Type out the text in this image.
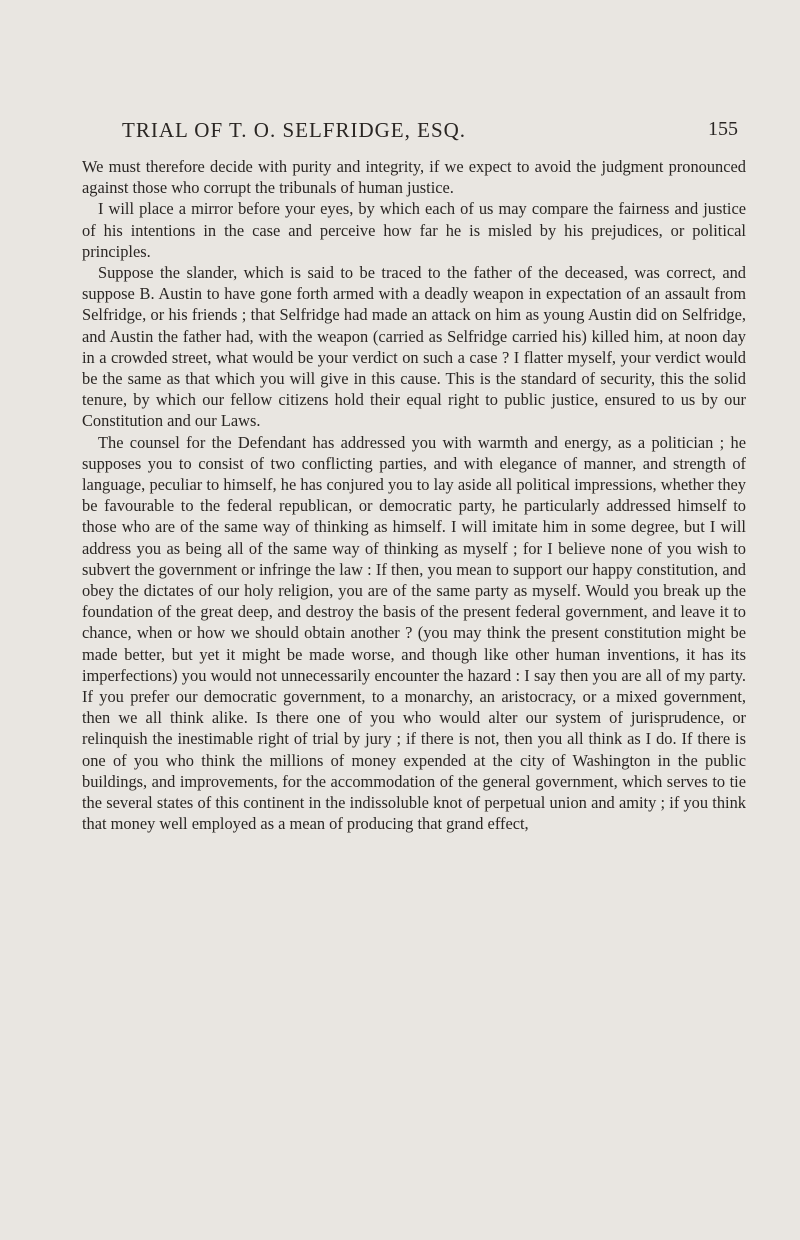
TRIAL OF T. O. SELFRIDGE, ESQ.	155

We must therefore decide with purity and integrity, if we expect to avoid the judgment pronounced against those who corrupt the tribunals of human justice.

I will place a mirror before your eyes, by which each of us may compare the fairness and justice of his intentions in the case and perceive how far he is misled by his prejudices, or political principles.

Suppose the slander, which is said to be traced to the father of the deceased, was correct, and suppose B. Austin to have gone forth armed with a deadly weapon in expectation of an assault from Selfridge, or his friends ; that Selfridge had made an attack on him as young Austin did on Selfridge, and Austin the father had, with the weapon (carried as Selfridge carried his) killed him, at noon day in a crowded street, what would be your verdict on such a case ? I flatter myself, your verdict would be the same as that which you will give in this cause. This is the standard of security, this the solid tenure, by which our fellow citizens hold their equal right to public justice, ensured to us by our Constitution and our Laws.

The counsel for the Defendant has addressed you with warmth and energy, as a politician ; he supposes you to consist of two conflicting parties, and with elegance of manner, and strength of language, peculiar to himself, he has conjured you to lay aside all political impressions, whether they be favourable to the federal republican, or democratic party, he particularly addressed himself to those who are of the same way of thinking as himself. I will imitate him in some degree, but I will address you as being all of the same way of thinking as myself ; for I believe none of you wish to subvert the government or infringe the law : If then, you mean to support our happy constitution, and obey the dictates of our holy religion, you are of the same party as myself. Would you break up the foundation of the great deep, and destroy the basis of the present federal government, and leave it to chance, when or how we should obtain another ? (you may think the present constitution might be made better, but yet it might be made worse, and though like other human inventions, it has its imperfections) you would not unnecessarily encounter the hazard : I say then you are all of my party. If you prefer our democratic government, to a monarchy, an aristocracy, or a mixed government, then we all think alike. Is there one of you who would alter our system of jurisprudence, or relinquish the inestimable right of trial by jury ; if there is not, then you all think as I do. If there is one of you who think the millions of money expended at the city of Washington in the public buildings, and improvements, for the accommodation of the general government, which serves to tie the several states of this continent in the indissoluble knot of perpetual union and amity ; if you think that money well employed as a mean of producing that grand effect,
